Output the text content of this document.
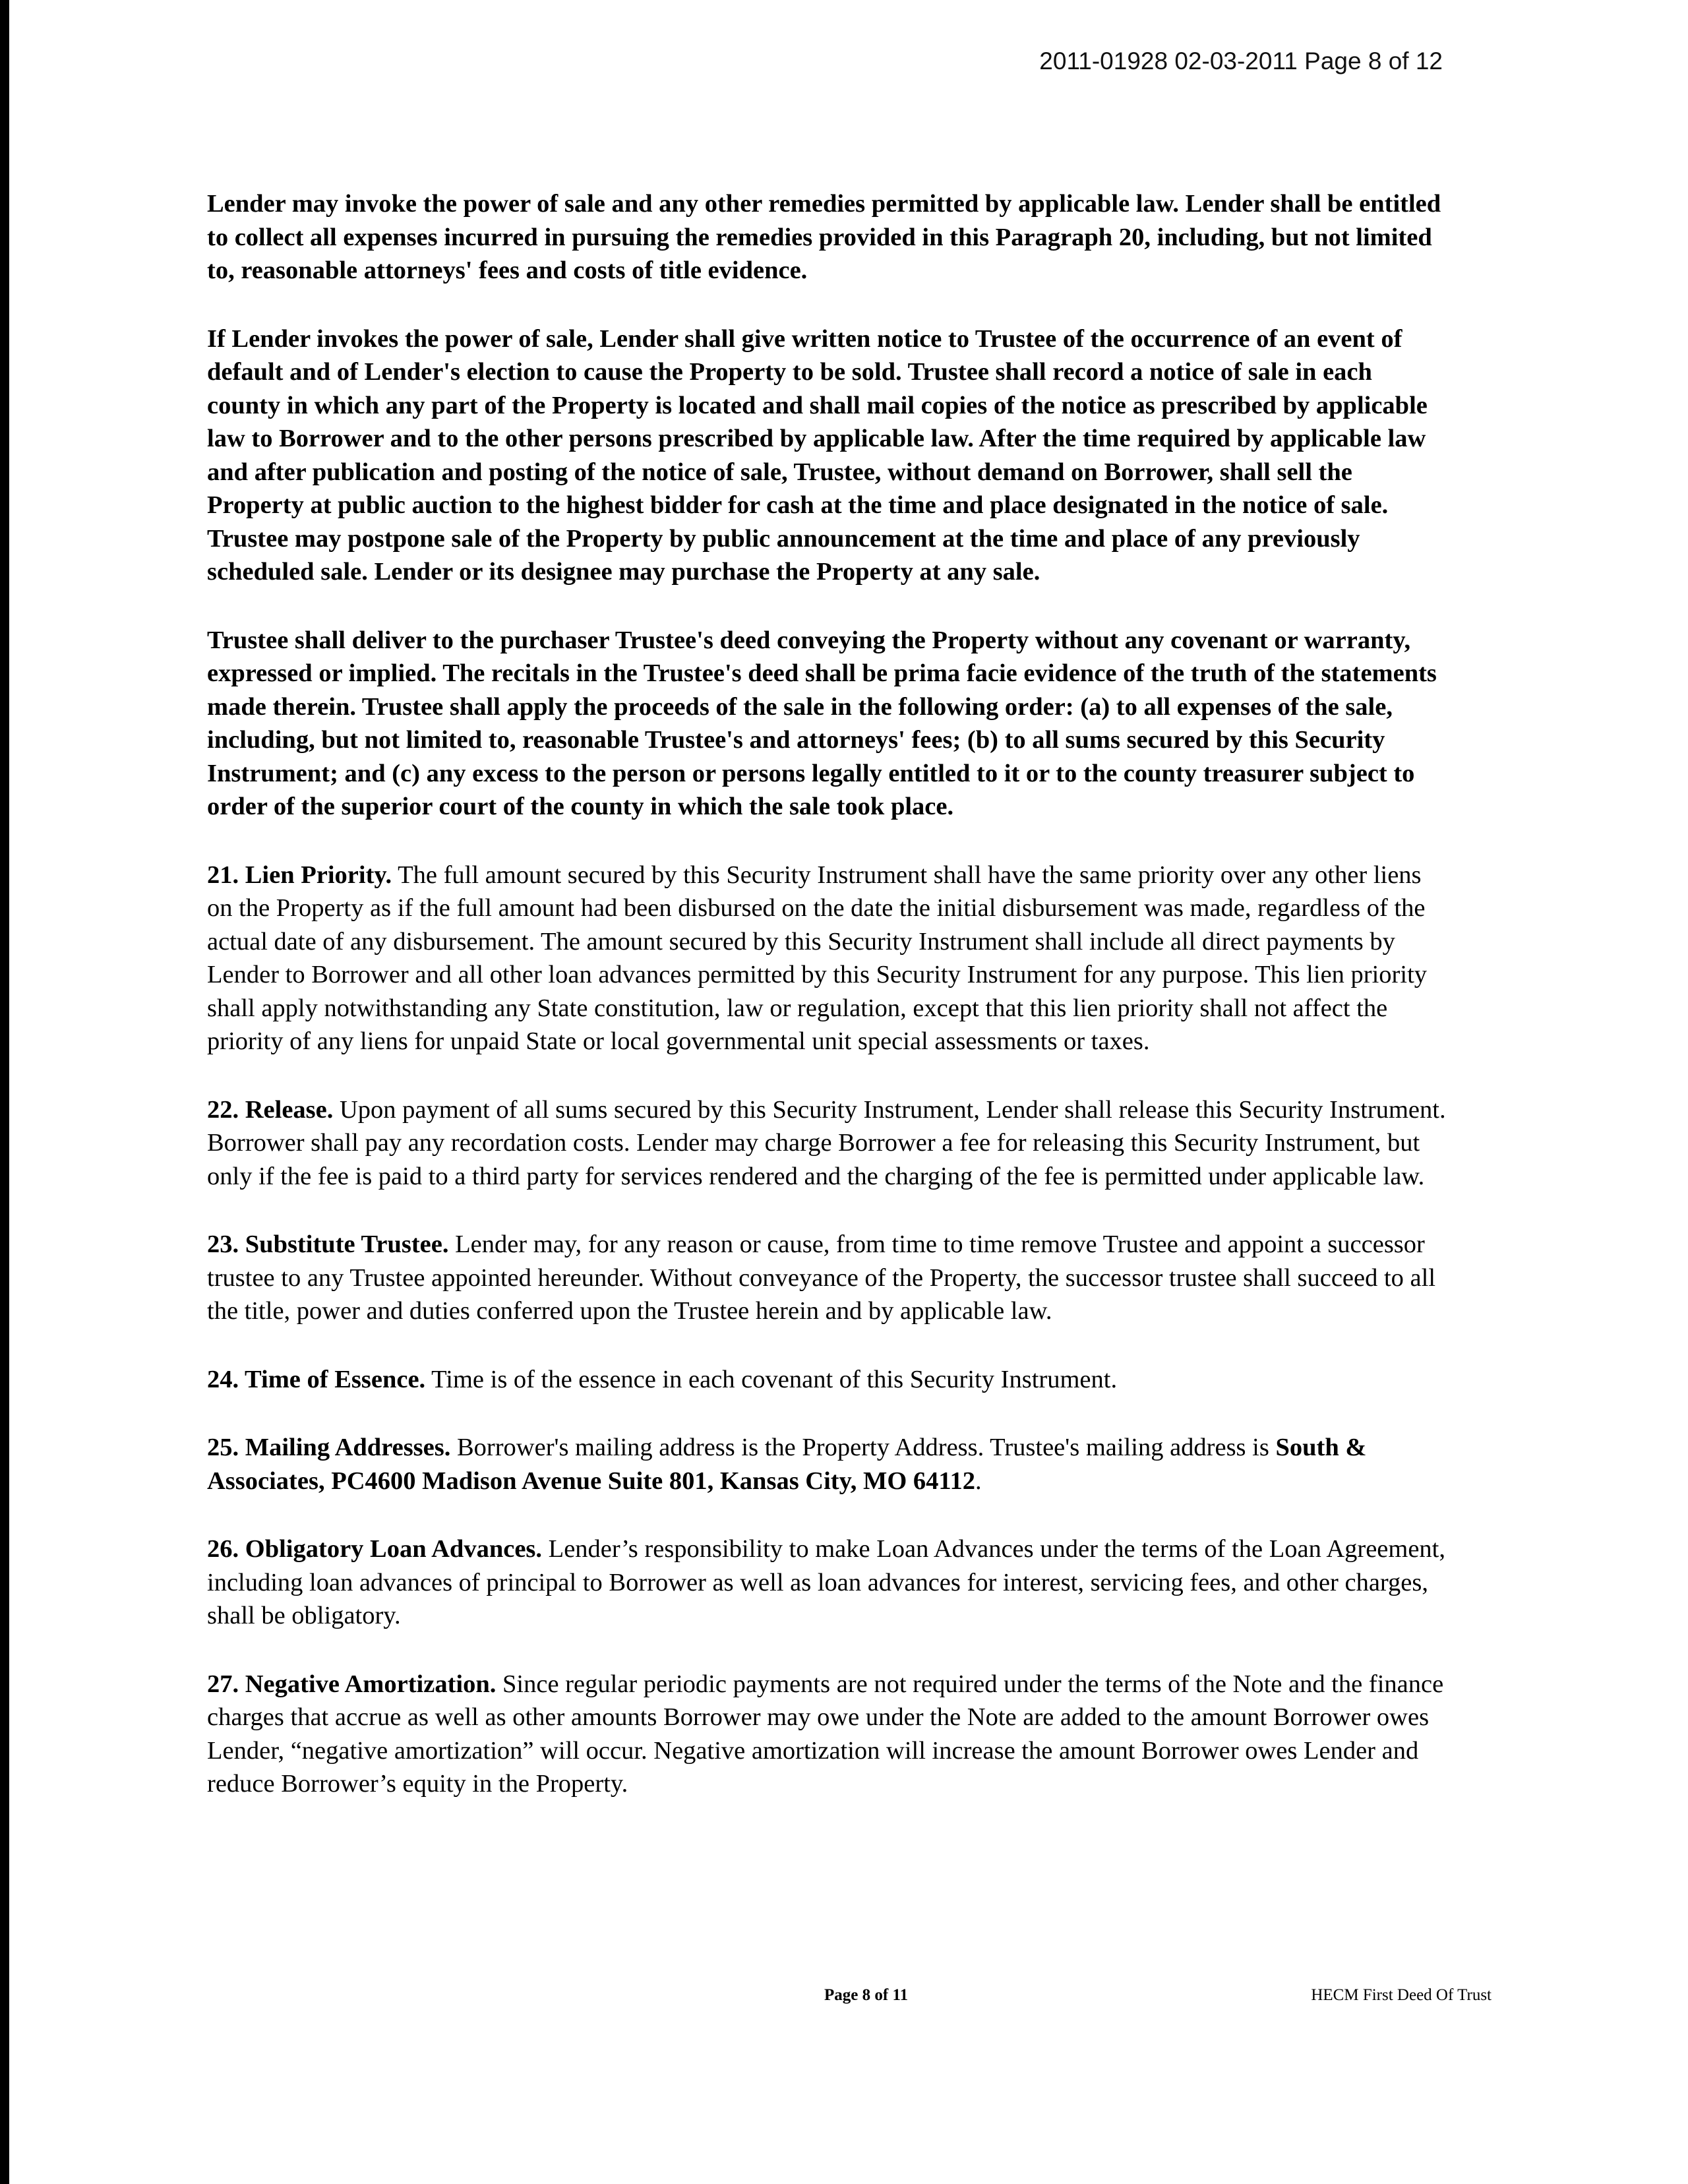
2011-01928 02-03-2011 Page 8 of 12

Lender may invoke the power of sale and any other remedies permitted by applicable law. Lender shall be entitled to collect all expenses incurred in pursuing the remedies provided in this Paragraph 20, including, but not limited to, reasonable attorneys' fees and costs of title evidence.

If Lender invokes the power of sale, Lender shall give written notice to Trustee of the occurrence of an event of default and of Lender's election to cause the Property to be sold. Trustee shall record a notice of sale in each county in which any part of the Property is located and shall mail copies of the notice as prescribed by applicable law to Borrower and to the other persons prescribed by applicable law. After the time required by applicable law and after publication and posting of the notice of sale, Trustee, without demand on Borrower, shall sell the Property at public auction to the highest bidder for cash at the time and place designated in the notice of sale. Trustee may postpone sale of the Property by public announcement at the time and place of any previously scheduled sale. Lender or its designee may purchase the Property at any sale.

Trustee shall deliver to the purchaser Trustee's deed conveying the Property without any covenant or warranty, expressed or implied. The recitals in the Trustee's deed shall be prima facie evidence of the truth of the statements made therein. Trustee shall apply the proceeds of the sale in the following order: (a) to all expenses of the sale, including, but not limited to, reasonable Trustee's and attorneys' fees; (b) to all sums secured by this Security Instrument; and (c) any excess to the person or persons legally entitled to it or to the county treasurer subject to order of the superior court of the county in which the sale took place.

21. Lien Priority. The full amount secured by this Security Instrument shall have the same priority over any other liens on the Property as if the full amount had been disbursed on the date the initial disbursement was made, regardless of the actual date of any disbursement. The amount secured by this Security Instrument shall include all direct payments by Lender to Borrower and all other loan advances permitted by this Security Instrument for any purpose. This lien priority shall apply notwithstanding any State constitution, law or regulation, except that this lien priority shall not affect the priority of any liens for unpaid State or local governmental unit special assessments or taxes.

22. Release. Upon payment of all sums secured by this Security Instrument, Lender shall release this Security Instrument. Borrower shall pay any recordation costs. Lender may charge Borrower a fee for releasing this Security Instrument, but only if the fee is paid to a third party for services rendered and the charging of the fee is permitted under applicable law.

23. Substitute Trustee. Lender may, for any reason or cause, from time to time remove Trustee and appoint a successor trustee to any Trustee appointed hereunder. Without conveyance of the Property, the successor trustee shall succeed to all the title, power and duties conferred upon the Trustee herein and by applicable law.

24. Time of Essence. Time is of the essence in each covenant of this Security Instrument.

25. Mailing Addresses. Borrower's mailing address is the Property Address. Trustee's mailing address is South & Associates, PC4600 Madison Avenue Suite 801, Kansas City, MO 64112.

26. Obligatory Loan Advances. Lender’s responsibility to make Loan Advances under the terms of the Loan Agreement, including loan advances of principal to Borrower as well as loan advances for interest, servicing fees, and other charges, shall be obligatory.

27. Negative Amortization. Since regular periodic payments are not required under the terms of the Note and the finance charges that accrue as well as other amounts Borrower may owe under the Note are added to the amount Borrower owes Lender, “negative amortization” will occur. Negative amortization will increase the amount Borrower owes Lender and reduce Borrower’s equity in the Property.

Page 8 of 11	HECM First Deed Of Trust
